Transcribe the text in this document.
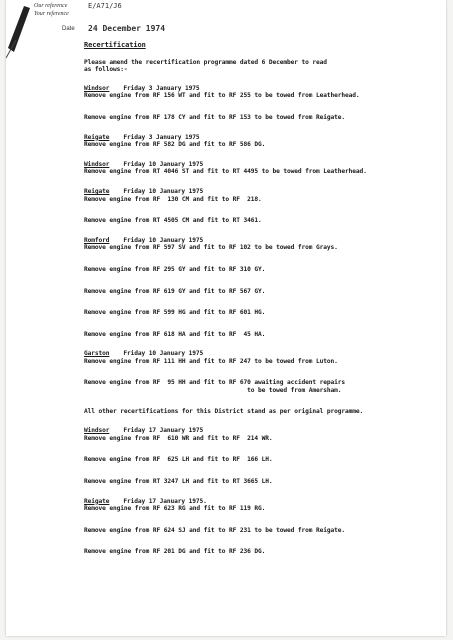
Our reference
Your reference
E/A71/J6
Date 24 December 1974
Recertification
Please amend the recertification programme dated 6 December to read
as follows:-
Windsor Friday 3 January 1975
Remove engine from RF 156 WT and fit to RF 255 to be towed from Leatherhead.
Remove engine from RF 178 CY and fit to RF 153 to be towed from Reigate.
Reigate Friday 3 January 1975
Remove engine from RF 582 DG and fit to RF 586 DG.
Windsor Friday 10 January 1975
Remove engine from RT 4046 ST and fit to RT 4495 to be towed from Leatherhead.
Reigate Friday 10 January 1975
Remove engine from RF  130 CM and fit to RF  218.
Remove engine from RT 4505 CM and fit to RT 3461.
Romford Friday 10 January 1975
Remove engine from RF 597 SV and fit to RF 102 to be towed from Grays.
Remove engine from RF 295 GY and fit to RF 310 GY.
Remove engine from RF 619 GY and fit to RF 567 GY.
Remove engine from RF 599 HG and fit to RF 601 HG.
Remove engine from RF 618 HA and fit to RF  45 HA.
Garston Friday 10 January 1975
Remove engine from RF 111 HH and fit to RF 247 to be towed from Luton.
Remove engine from RF  95 HH and fit to RF 670 awaiting accident repairs
to be towed from Amersham.
All other recertifications for this District stand as per original programme.
Windsor Friday 17 January 1975
Remove engine from RF  610 WR and fit to RF  214 WR.
Remove engine from RF  625 LH and fit to RF  166 LH.
Remove engine from RT 3247 LH and fit to RT 3665 LH.
Reigate Friday 17 January 1975.
Remove engine from RF 623 RG and fit to RF 119 RG.
Remove engine from RF 624 SJ and fit to RF 231 to be towed from Reigate.
Remove engine from RF 201 DG and fit to RF 236 DG.
